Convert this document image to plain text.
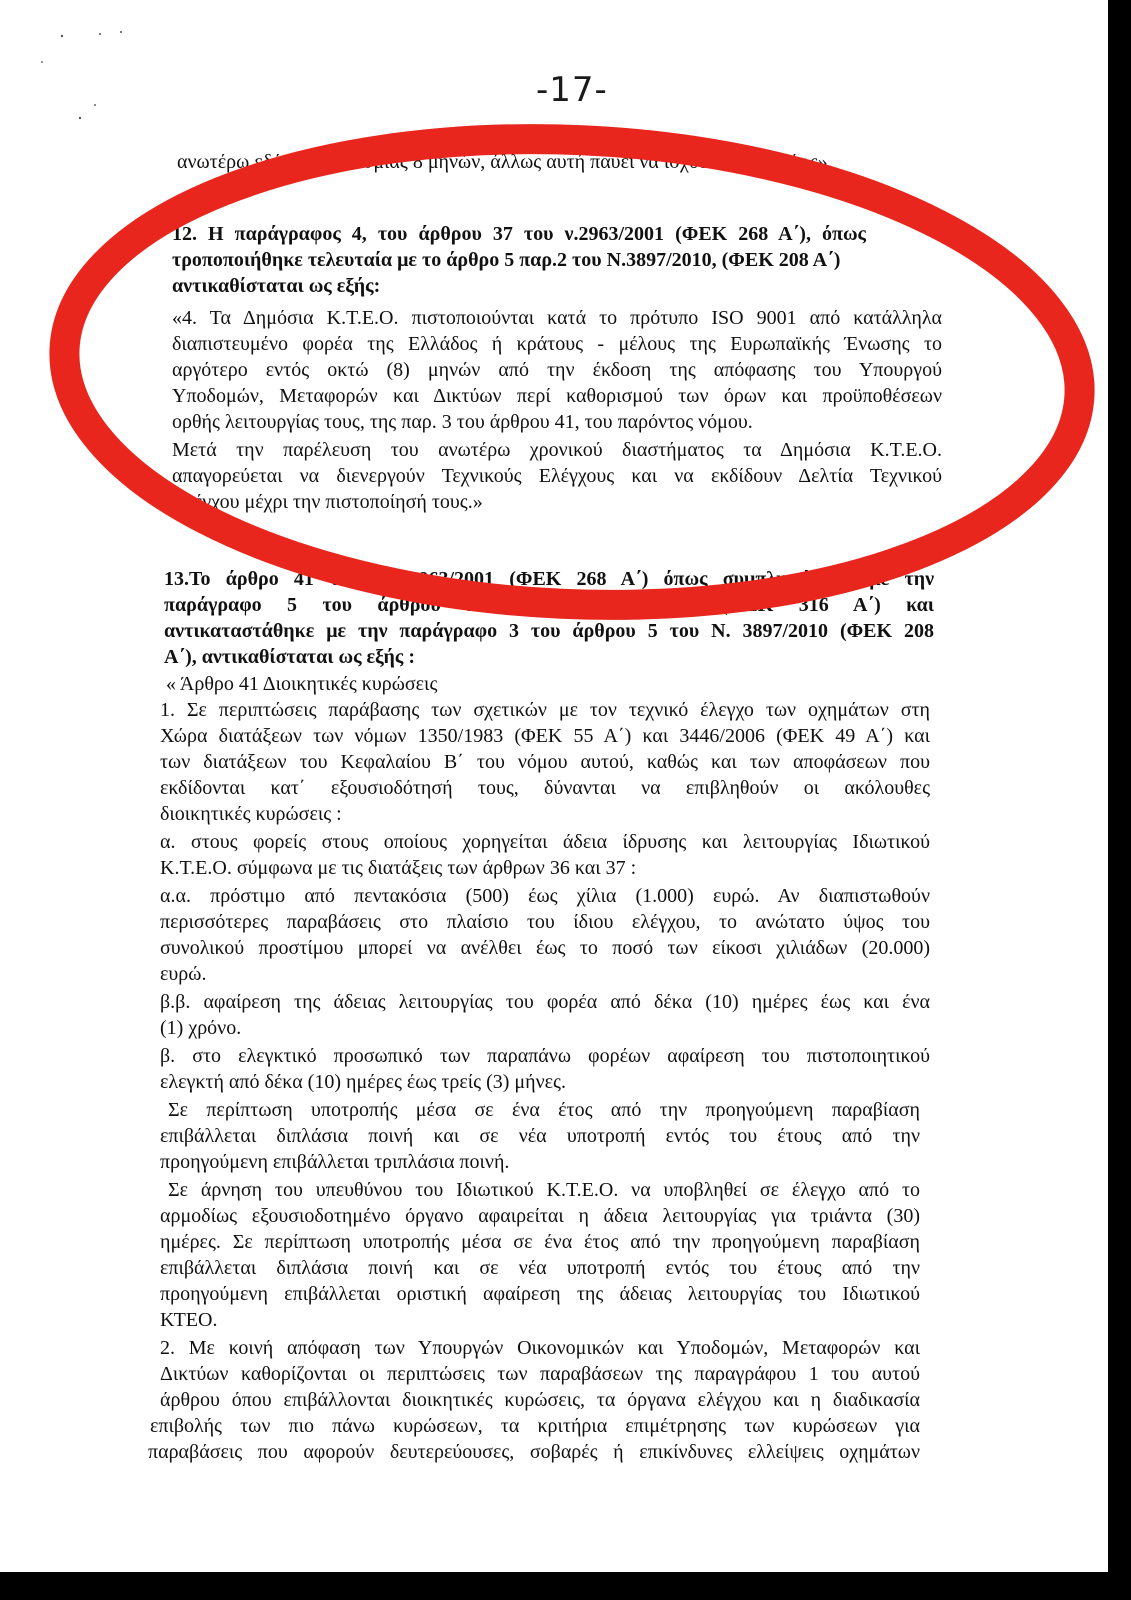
-17-
ανωτέρω εδάφιο προθεσμίας 8 μηνών, άλλως αυτή παύει να ισχύει αυτοδικαίως».
12. Η παράγραφος 4, του άρθρου 37 του ν.2963/2001 (ΦΕΚ 268 Α΄), όπως
τροποποιήθηκε τελευταία με το άρθρο 5 παρ.2 του Ν.3897/2010, (ΦΕΚ 208 Α΄)
αντικαθίσταται ως εξής:
«4. Τα Δημόσια Κ.Τ.Ε.Ο. πιστοποιούνται κατά το πρότυπο ISO 9001 από κατάλληλα
διαπιστευμένο φορέα της Ελλάδος ή κράτους - μέλους της Ευρωπαϊκής Ένωσης το
αργότερο εντός οκτώ (8) μηνών από την έκδοση της απόφασης του Υπουργού
Υποδομών, Μεταφορών και Δικτύων περί καθορισμού των όρων και προϋποθέσεων
ορθής λειτουργίας τους, της παρ. 3 του άρθρου 41, του παρόντος νόμου.
Μετά την παρέλευση του ανωτέρω χρονικού διαστήματος τα Δημόσια Κ.Τ.Ε.Ο.
απαγορεύεται να διενεργούν Τεχνικούς Ελέγχους και να εκδίδουν Δελτία Τεχνικού
Ελέγχου μέχρι την πιστοποίησή τους.»
13.Το άρθρο 41 του Ν. 2963/2001 (ΦΕΚ 268 Α΄) όπως συμπληρώθηκε με την
παράγραφο 5 του άρθρου 11 του Ν. 3082/2002 (ΦΕΚ 316 Α΄) και
αντικαταστάθηκε με την παράγραφο 3 του άρθρου 5 του Ν. 3897/2010 (ΦΕΚ 208
Α΄), αντικαθίσταται ως εξής :
« Άρθρο 41 Διοικητικές κυρώσεις
1. Σε περιπτώσεις παράβασης των σχετικών με τον τεχνικό έλεγχο των οχημάτων στη
Χώρα διατάξεων των νόμων 1350/1983 (ΦΕΚ 55 Α΄) και 3446/2006 (ΦΕΚ 49 Α΄) και
των διατάξεων του Κεφαλαίου Β΄ του νόμου αυτού, καθώς και των αποφάσεων που
εκδίδονται κατ΄ εξουσιοδότησή τους, δύνανται να επιβληθούν οι ακόλουθες
διοικητικές κυρώσεις :
α. στους φορείς στους οποίους χορηγείται άδεια ίδρυσης και λειτουργίας Ιδιωτικού
Κ.Τ.Ε.Ο. σύμφωνα με τις διατάξεις των άρθρων 36 και 37 :
α.α. πρόστιμο από πεντακόσια (500) έως χίλια (1.000) ευρώ. Αν διαπιστωθούν
περισσότερες παραβάσεις στο πλαίσιο του ίδιου ελέγχου, το ανώτατο ύψος του
συνολικού προστίμου μπορεί να ανέλθει έως το ποσό των είκοσι χιλιάδων (20.000)
ευρώ.
β.β. αφαίρεση της άδειας λειτουργίας του φορέα από δέκα (10) ημέρες έως και ένα
(1) χρόνο.
β. στο ελεγκτικό προσωπικό των παραπάνω φορέων αφαίρεση του πιστοποιητικού
ελεγκτή από δέκα (10) ημέρες έως τρείς (3) μήνες.
Σε περίπτωση υποτροπής μέσα σε ένα έτος από την προηγούμενη παραβίαση
επιβάλλεται διπλάσια ποινή και σε νέα υποτροπή εντός του έτους από την
προηγούμενη επιβάλλεται τριπλάσια ποινή.
Σε άρνηση του υπευθύνου του Ιδιωτικού Κ.Τ.Ε.Ο. να υποβληθεί σε έλεγχο από το
αρμοδίως εξουσιοδοτημένο όργανο αφαιρείται η άδεια λειτουργίας για τριάντα (30)
ημέρες. Σε περίπτωση υποτροπής μέσα σε ένα έτος από την προηγούμενη παραβίαση
επιβάλλεται διπλάσια ποινή και σε νέα υποτροπή εντός του έτους από την
προηγούμενη επιβάλλεται οριστική αφαίρεση της άδειας λειτουργίας του Ιδιωτικού
ΚΤΕΟ.
2. Με κοινή απόφαση των Υπουργών Οικονομικών και Υποδομών, Μεταφορών και
Δικτύων καθορίζονται οι περιπτώσεις των παραβάσεων της παραγράφου 1 του αυτού
άρθρου όπου επιβάλλονται διοικητικές κυρώσεις, τα όργανα ελέγχου και η διαδικασία
επιβολής των πιο πάνω κυρώσεων, τα κριτήρια επιμέτρησης των κυρώσεων για
παραβάσεις που αφορούν δευτερεύουσες, σοβαρές ή επικίνδυνες ελλείψεις οχημάτων
